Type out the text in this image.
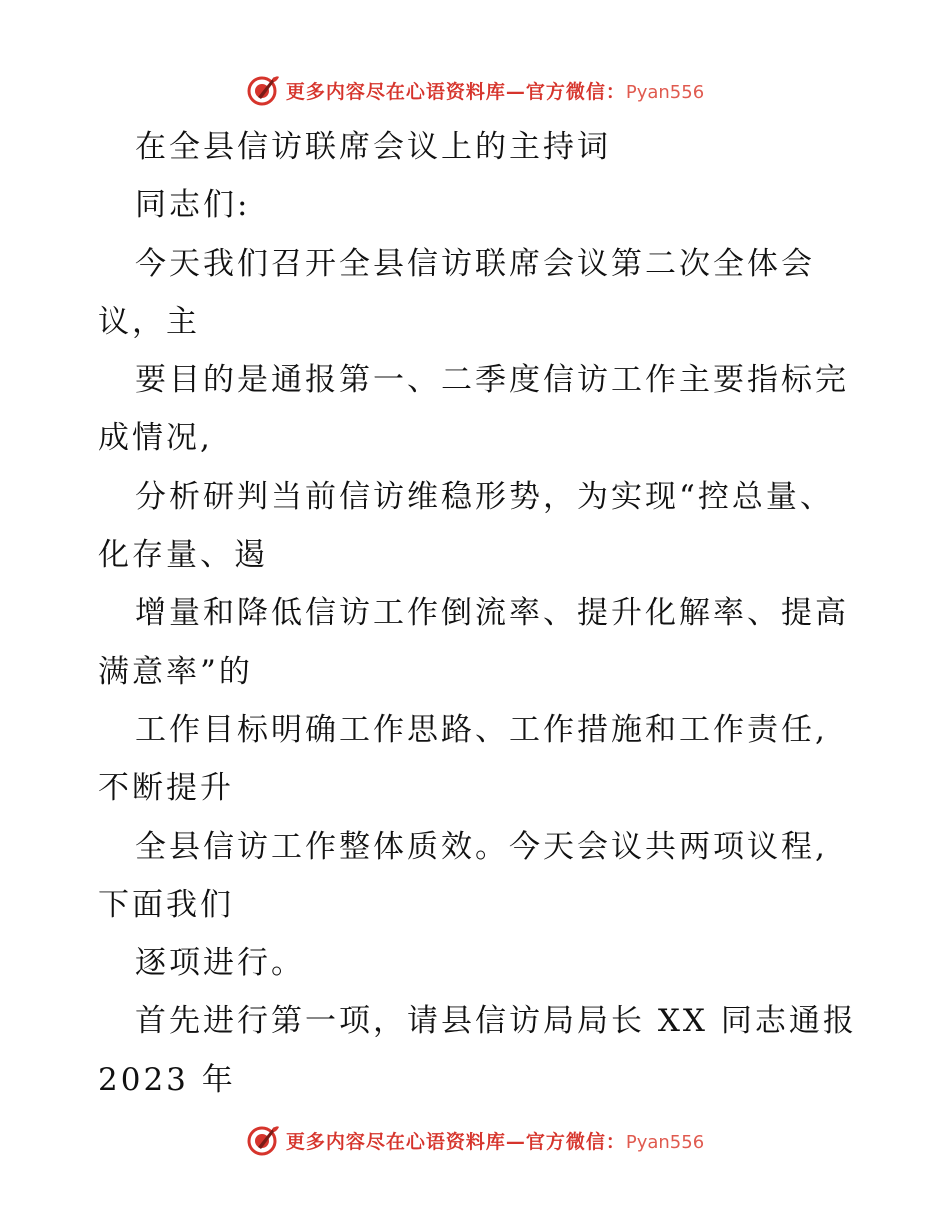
更多内容尽在心语资料库—官方微信：Pyan556
在全县信访联席会议上的主持词
同志们:
今天我们召开全县信访联席会议第二次全体会
议，主
要目的是通报第一、二季度信访工作主要指标完
成情况,
分析研判当前信访维稳形势，为实现“控总量、
化存量、遏
增量和降低信访工作倒流率、提升化解率、提高
满意率”的
工作目标明确工作思路、工作措施和工作责任,
不断提升
全县信访工作整体质效。今天会议共两项议程,
下面我们
逐项进行。
首先进行第一项，请县信访局局长 XX 同志通报
2023 年
更多内容尽在心语资料库—官方微信：Pyan556
